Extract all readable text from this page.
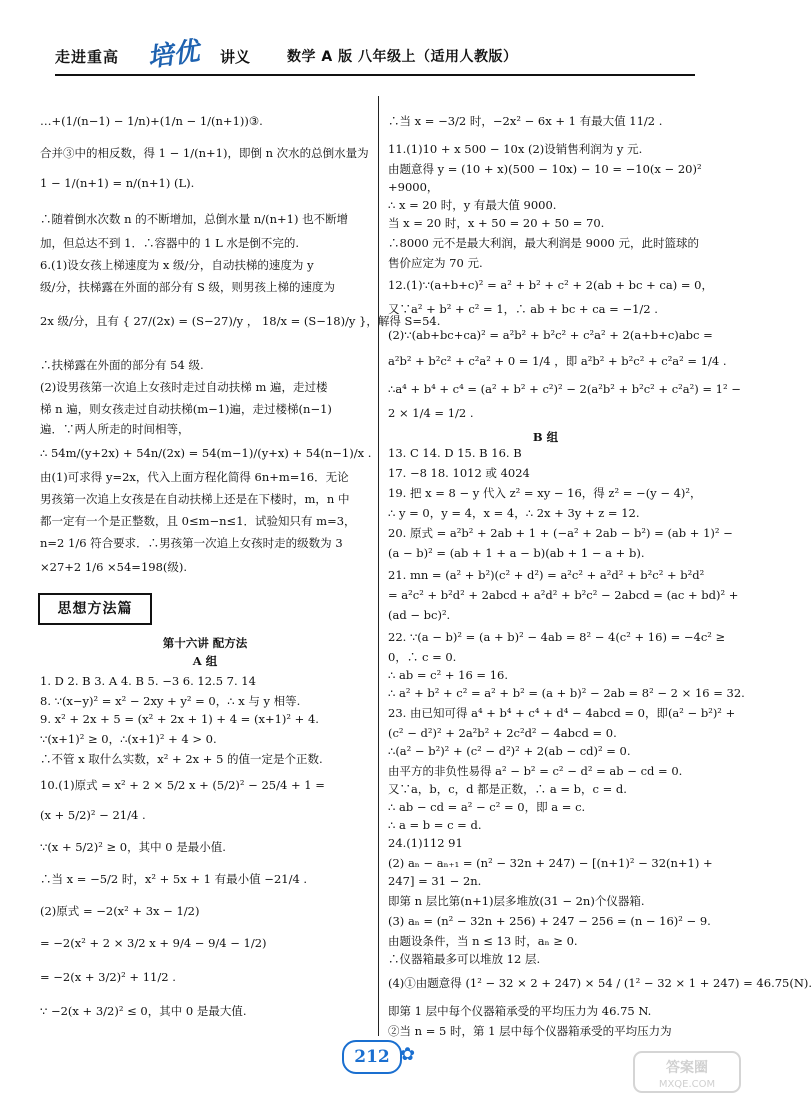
走进重高 培优 讲义	数学 A 版 八年级上（适用人教版）
…+(1/(n−1) − 1/n)+(1/n − 1/(n+1))③.
合并③中的相反数，得 1 − 1/(n+1)，即倒 n 次水的总倒水量为
1 − 1/(n+1) = n/(n+1) (L).
∴随着倒水次数 n 的不断增加，总倒水量 n/(n+1) 也不断增
加，但总达不到 1．∴容器中的 1 L 水是倒不完的.
6.(1)设女孩上梯速度为 x 级/分，自动扶梯的速度为 y
级/分，扶梯露在外面的部分有 S 级，则男孩上梯的速度为
2x 级/分，且有 { 27/(2x) = (S−27)/y ， 18/x = (S−18)/y }，解得 S=54.
∴扶梯露在外面的部分有 54 级.
(2)设男孩第一次追上女孩时走过自动扶梯 m 遍，走过楼
梯 n 遍，则女孩走过自动扶梯(m−1)遍，走过楼梯(n−1)
遍．∵两人所走的时间相等，
∴ 54m/(y+2x) + 54n/(2x) = 54(m−1)/(y+x) + 54(n−1)/x .
由(1)可求得 y=2x，代入上面方程化简得 6n+m=16．无论
男孩第一次追上女孩是在自动扶梯上还是在下楼时，m，n 中
都一定有一个是正整数，且 0≤m−n≤1．试验知只有 m=3，
n=2 1/6 符合要求．∴男孩第一次追上女孩时走的级数为 3
×27+2 1/6 ×54=198(级).
思想方法篇
第十六讲 配方法
A 组
1. D 2. B 3. A 4. B 5. −3 6. 12.5 7. 14
8. ∵(x−y)² = x² − 2xy + y² = 0，∴ x 与 y 相等.
9. x² + 2x + 5 = (x² + 2x + 1) + 4 = (x+1)² + 4.
∵(x+1)² ≥ 0，∴(x+1)² + 4 > 0.
∴不管 x 取什么实数，x² + 2x + 5 的值一定是个正数.
10.(1)原式 = x² + 2 × 5/2 x + (5/2)² − 25/4 + 1 =
(x + 5/2)² − 21/4 .
∵(x + 5/2)² ≥ 0，其中 0 是最小值.
∴当 x = −5/2 时，x² + 5x + 1 有最小值 −21/4 .
(2)原式 = −2(x² + 3x − 1/2)
= −2(x² + 2 × 3/2 x + 9/4 − 9/4 − 1/2)
= −2(x + 3/2)² + 11/2 .
∵ −2(x + 3/2)² ≤ 0，其中 0 是最大值.
∴当 x = −3/2 时，−2x² − 6x + 1 有最大值 11/2 .
11.(1)10 + x 500 − 10x (2)设销售利润为 y 元.
由题意得 y = (10 + x)(500 − 10x) − 10 = −10(x − 20)²
+9000，
∴ x = 20 时，y 有最大值 9000.
当 x = 20 时，x + 50 = 20 + 50 = 70.
∴8000 元不是最大利润，最大利润是 9000 元，此时篮球的
售价应定为 70 元.
12.(1)∵(a+b+c)² = a² + b² + c² + 2(ab + bc + ca) = 0，
又∵a² + b² + c² = 1，∴ ab + bc + ca = −1/2 .
(2)∵(ab+bc+ca)² = a²b² + b²c² + c²a² + 2(a+b+c)abc =
a²b² + b²c² + c²a² + 0 = 1/4 ，即 a²b² + b²c² + c²a² = 1/4 .
∴a⁴ + b⁴ + c⁴ = (a² + b² + c²)² − 2(a²b² + b²c² + c²a²) = 1² −
2 × 1/4 = 1/2 .
B 组
13. C 14. D 15. B 16. B
17. −8 18. 1012 或 4024
19. 把 x = 8 − y 代入 z² = xy − 16，得 z² = −(y − 4)²，
∴ y = 0，y = 4，x = 4，∴ 2x + 3y + z = 12.
20. 原式 = a²b² + 2ab + 1 + (−a² + 2ab − b²) = (ab + 1)² −
(a − b)² = (ab + 1 + a − b)(ab + 1 − a + b).
21. mn = (a² + b²)(c² + d²) = a²c² + a²d² + b²c² + b²d²
= a²c² + b²d² + 2abcd + a²d² + b²c² − 2abcd = (ac + bd)² +
(ad − bc)².
22. ∵(a − b)² = (a + b)² − 4ab = 8² − 4(c² + 16) = −4c² ≥
0，∴ c = 0.
∴ ab = c² + 16 = 16.
∴ a² + b² + c² = a² + b² = (a + b)² − 2ab = 8² − 2 × 16 = 32.
23. 由已知可得 a⁴ + b⁴ + c⁴ + d⁴ − 4abcd = 0，即(a² − b²)² +
(c² − d²)² + 2a²b² + 2c²d² − 4abcd = 0.
∴(a² − b²)² + (c² − d²)² + 2(ab − cd)² = 0.
由平方的非负性易得 a² − b² = c² − d² = ab − cd = 0.
又∵a，b，c，d 都是正数，∴ a = b，c = d.
∴ ab − cd = a² − c² = 0，即 a = c.
∴ a = b = c = d.
24.(1)112 91
(2) aₙ − aₙ₊₁ = (n² − 32n + 247) − [(n+1)² − 32(n+1) +
247] = 31 − 2n.
即第 n 层比第(n+1)层多堆放(31 − 2n)个仪器箱.
(3) aₙ = (n² − 32n + 256) + 247 − 256 = (n − 16)² − 9.
由题设条件，当 n ≤ 13 时，aₙ ≥ 0.
∴仪器箱最多可以堆放 12 层.
(4)①由题意得 (1² − 32 × 2 + 247) × 54 / (1² − 32 × 1 + 247) = 46.75(N).
即第 1 层中每个仪器箱承受的平均压力为 46.75 N.
②当 n = 5 时，第 1 层中每个仪器箱承受的平均压力为
212 ✿
答案圈
MXQE.COM
